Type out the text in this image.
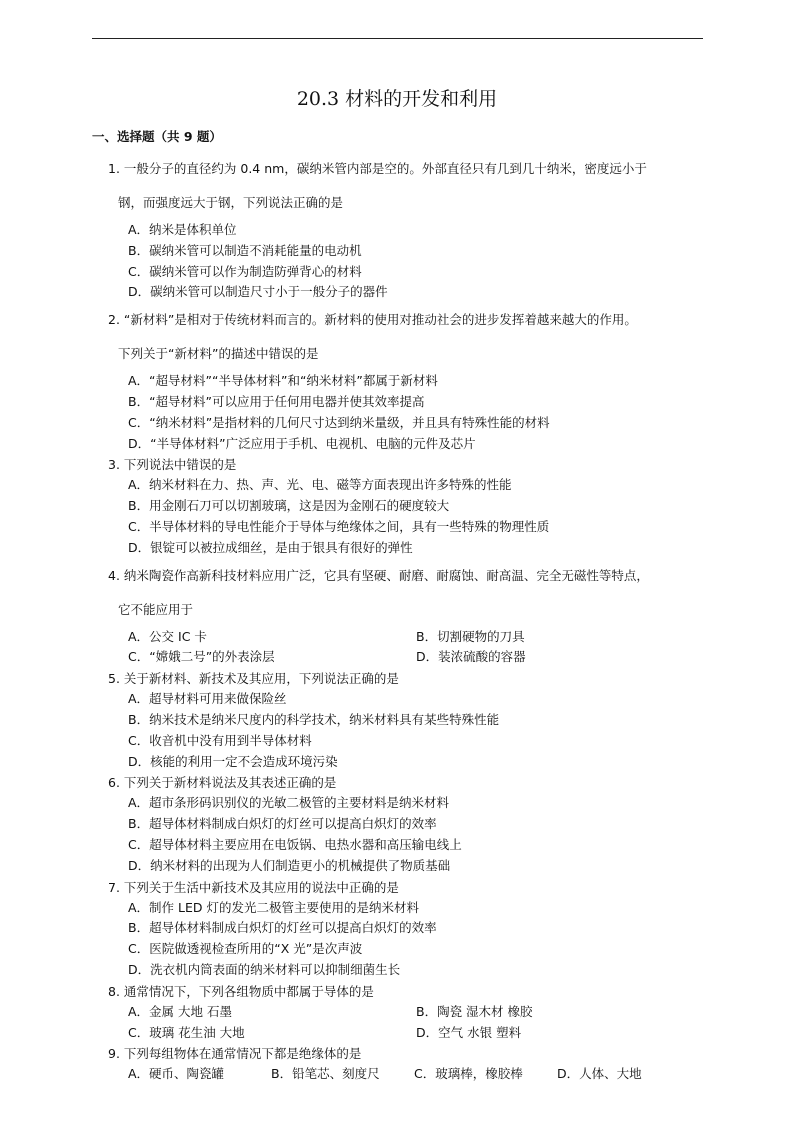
20.3 材料的开发和利用
一、选择题（共 9 题）
1. 一般分子的直径约为 0.4 nm，碳纳米管内部是空的。外部直径只有几到几十纳米，密度远小于
钢，而强度远大于钢，下列说法正确的是
A．纳米是体积单位
B．碳纳米管可以制造不消耗能量的电动机
C．碳纳米管可以作为制造防弹背心的材料
D．碳纳米管可以制造尺寸小于一般分子的器件
2. “新材料”是相对于传统材料而言的。新材料的使用对推动社会的进步发挥着越来越大的作用。
下列关于“新材料”的描述中错误的是
A．“超导材料”“半导体材料”和“纳米材料”都属于新材料
B．“超导材料”可以应用于任何用电器并使其效率提高
C．“纳米材料”是指材料的几何尺寸达到纳米量级，并且具有特殊性能的材料
D．“半导体材料”广泛应用于手机、电视机、电脑的元件及芯片
3. 下列说法中错误的是
A．纳米材料在力、热、声、光、电、磁等方面表现出许多特殊的性能
B．用金刚石刀可以切割玻璃，这是因为金刚石的硬度较大
C．半导体材料的导电性能介于导体与绝缘体之间，具有一些特殊的物理性质
D．银锭可以被拉成细丝，是由于银具有很好的弹性
4. 纳米陶瓷作高新科技材料应用广泛，它具有坚硬、耐磨、耐腐蚀、耐高温、完全无磁性等特点，
它不能应用于
A．公交 IC 卡	B．切割硬物的刀具
C．“嫦娥二号”的外表涂层	D．装浓硫酸的容器
5. 关于新材料、新技术及其应用，下列说法正确的是
A．超导材料可用来做保险丝
B．纳米技术是纳米尺度内的科学技术，纳米材料具有某些特殊性能
C．收音机中没有用到半导体材料
D．核能的利用一定不会造成环境污染
6. 下列关于新材料说法及其表述正确的是
A．超市条形码识别仪的光敏二极管的主要材料是纳米材料
B．超导体材料制成白炽灯的灯丝可以提高白炽灯的效率
C．超导体材料主要应用在电饭锅、电热水器和高压输电线上
D．纳米材料的出现为人们制造更小的机械提供了物质基础
7. 下列关于生活中新技术及其应用的说法中正确的是
A．制作 LED 灯的发光二极管主要使用的是纳米材料
B．超导体材料制成白炽灯的灯丝可以提高白炽灯的效率
C．医院做透视检查所用的“X 光”是次声波
D．洗衣机内筒表面的纳米材料可以抑制细菌生长
8. 通常情况下，下列各组物质中都属于导体的是
A．金属 大地 石墨	B．陶瓷 湿木材 橡胶
C．玻璃 花生油 大地	D．空气 水银 塑料
9. 下列每组物体在通常情况下都是绝缘体的是
A．硬币、陶瓷罐	B．铅笔芯、刻度尺	C．玻璃棒，橡胶棒	D．人体、大地
